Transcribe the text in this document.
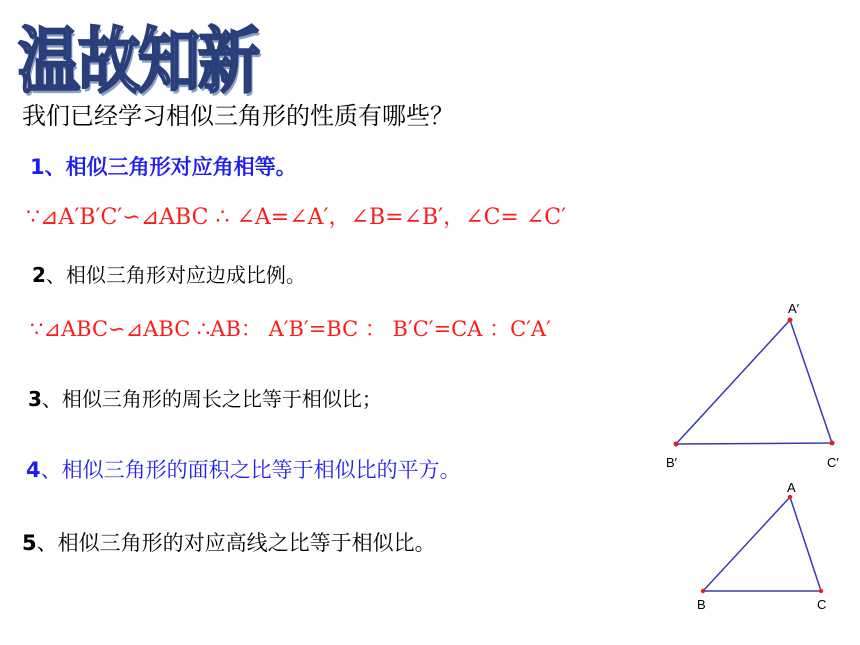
温故知新
我们已经学习相似三角形的性质有哪些？
1、相似三角形对应角相等。
∵⊿A′B′C′∽⊿ABC ∴ ∠A=∠A′，∠B=∠B′，∠C= ∠C′
2、相似三角形对应边成比例。
∵⊿ABC∽⊿ABC ∴AB： A′B′=BC ： B′C′=CA ：C′A′
3、相似三角形的周长之比等于相似比；
4、相似三角形的面积之比等于相似比的平方。
5、相似三角形的对应高线之比等于相似比。
A′
B′	C′
A
B	C
